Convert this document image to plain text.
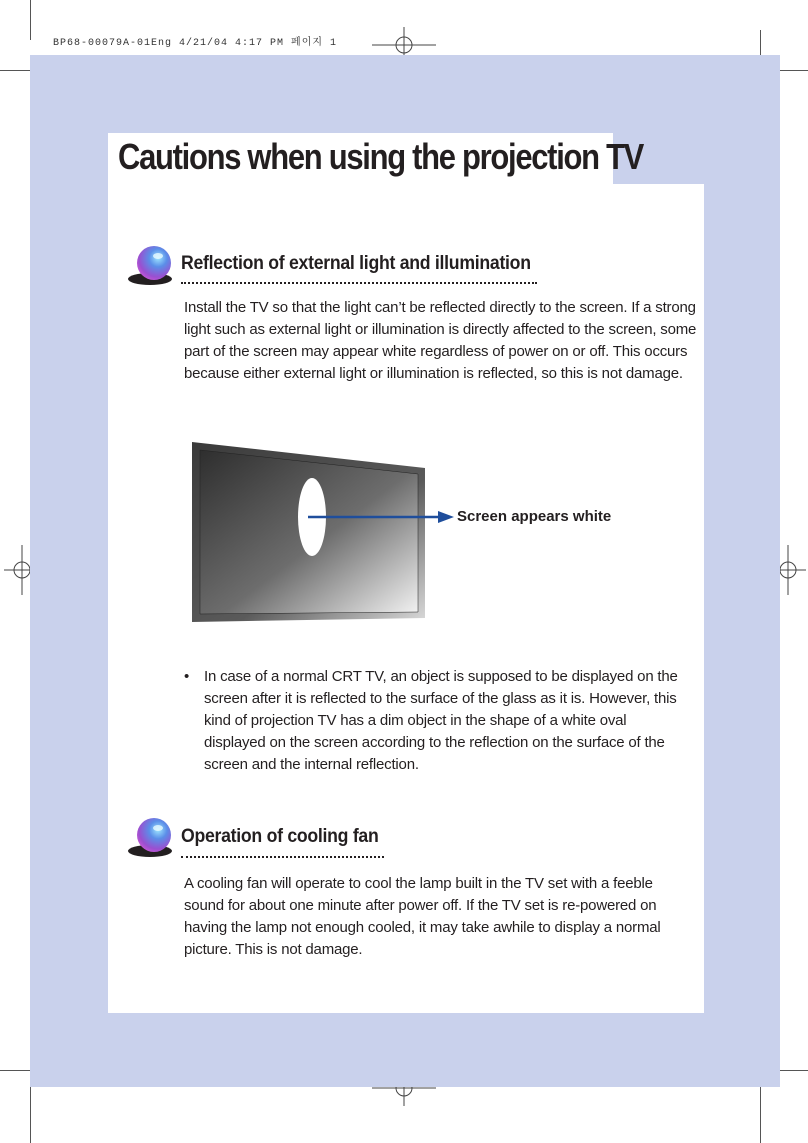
BP68-00079A-01Eng 4/21/04 4:17 PM 페이지 1
Cautions when using the projection TV
Reflection of external light and illumination

Install the TV so that the light can’t be reflected directly to the screen. If a strong light such as external light or illumination is directly affected to the screen, some part of the screen may appear white regardless of power on or off. This occurs because either external light or illumination is reflected, so this is not damage.

Screen appears white
• In case of a normal CRT TV, an object is supposed to be displayed on the screen after it is reflected to the surface of the glass as it is. However, this kind of projection TV has a dim object in the shape of a white oval displayed on the screen according to the reflection on the surface of the screen and the internal reflection.
Operation of cooling fan

A cooling fan will operate to cool the lamp built in the TV set with a feeble sound for about one minute after power off. If the TV set is re-powered on having the lamp not enough cooled, it may take awhile to display a normal picture. This is not damage.
